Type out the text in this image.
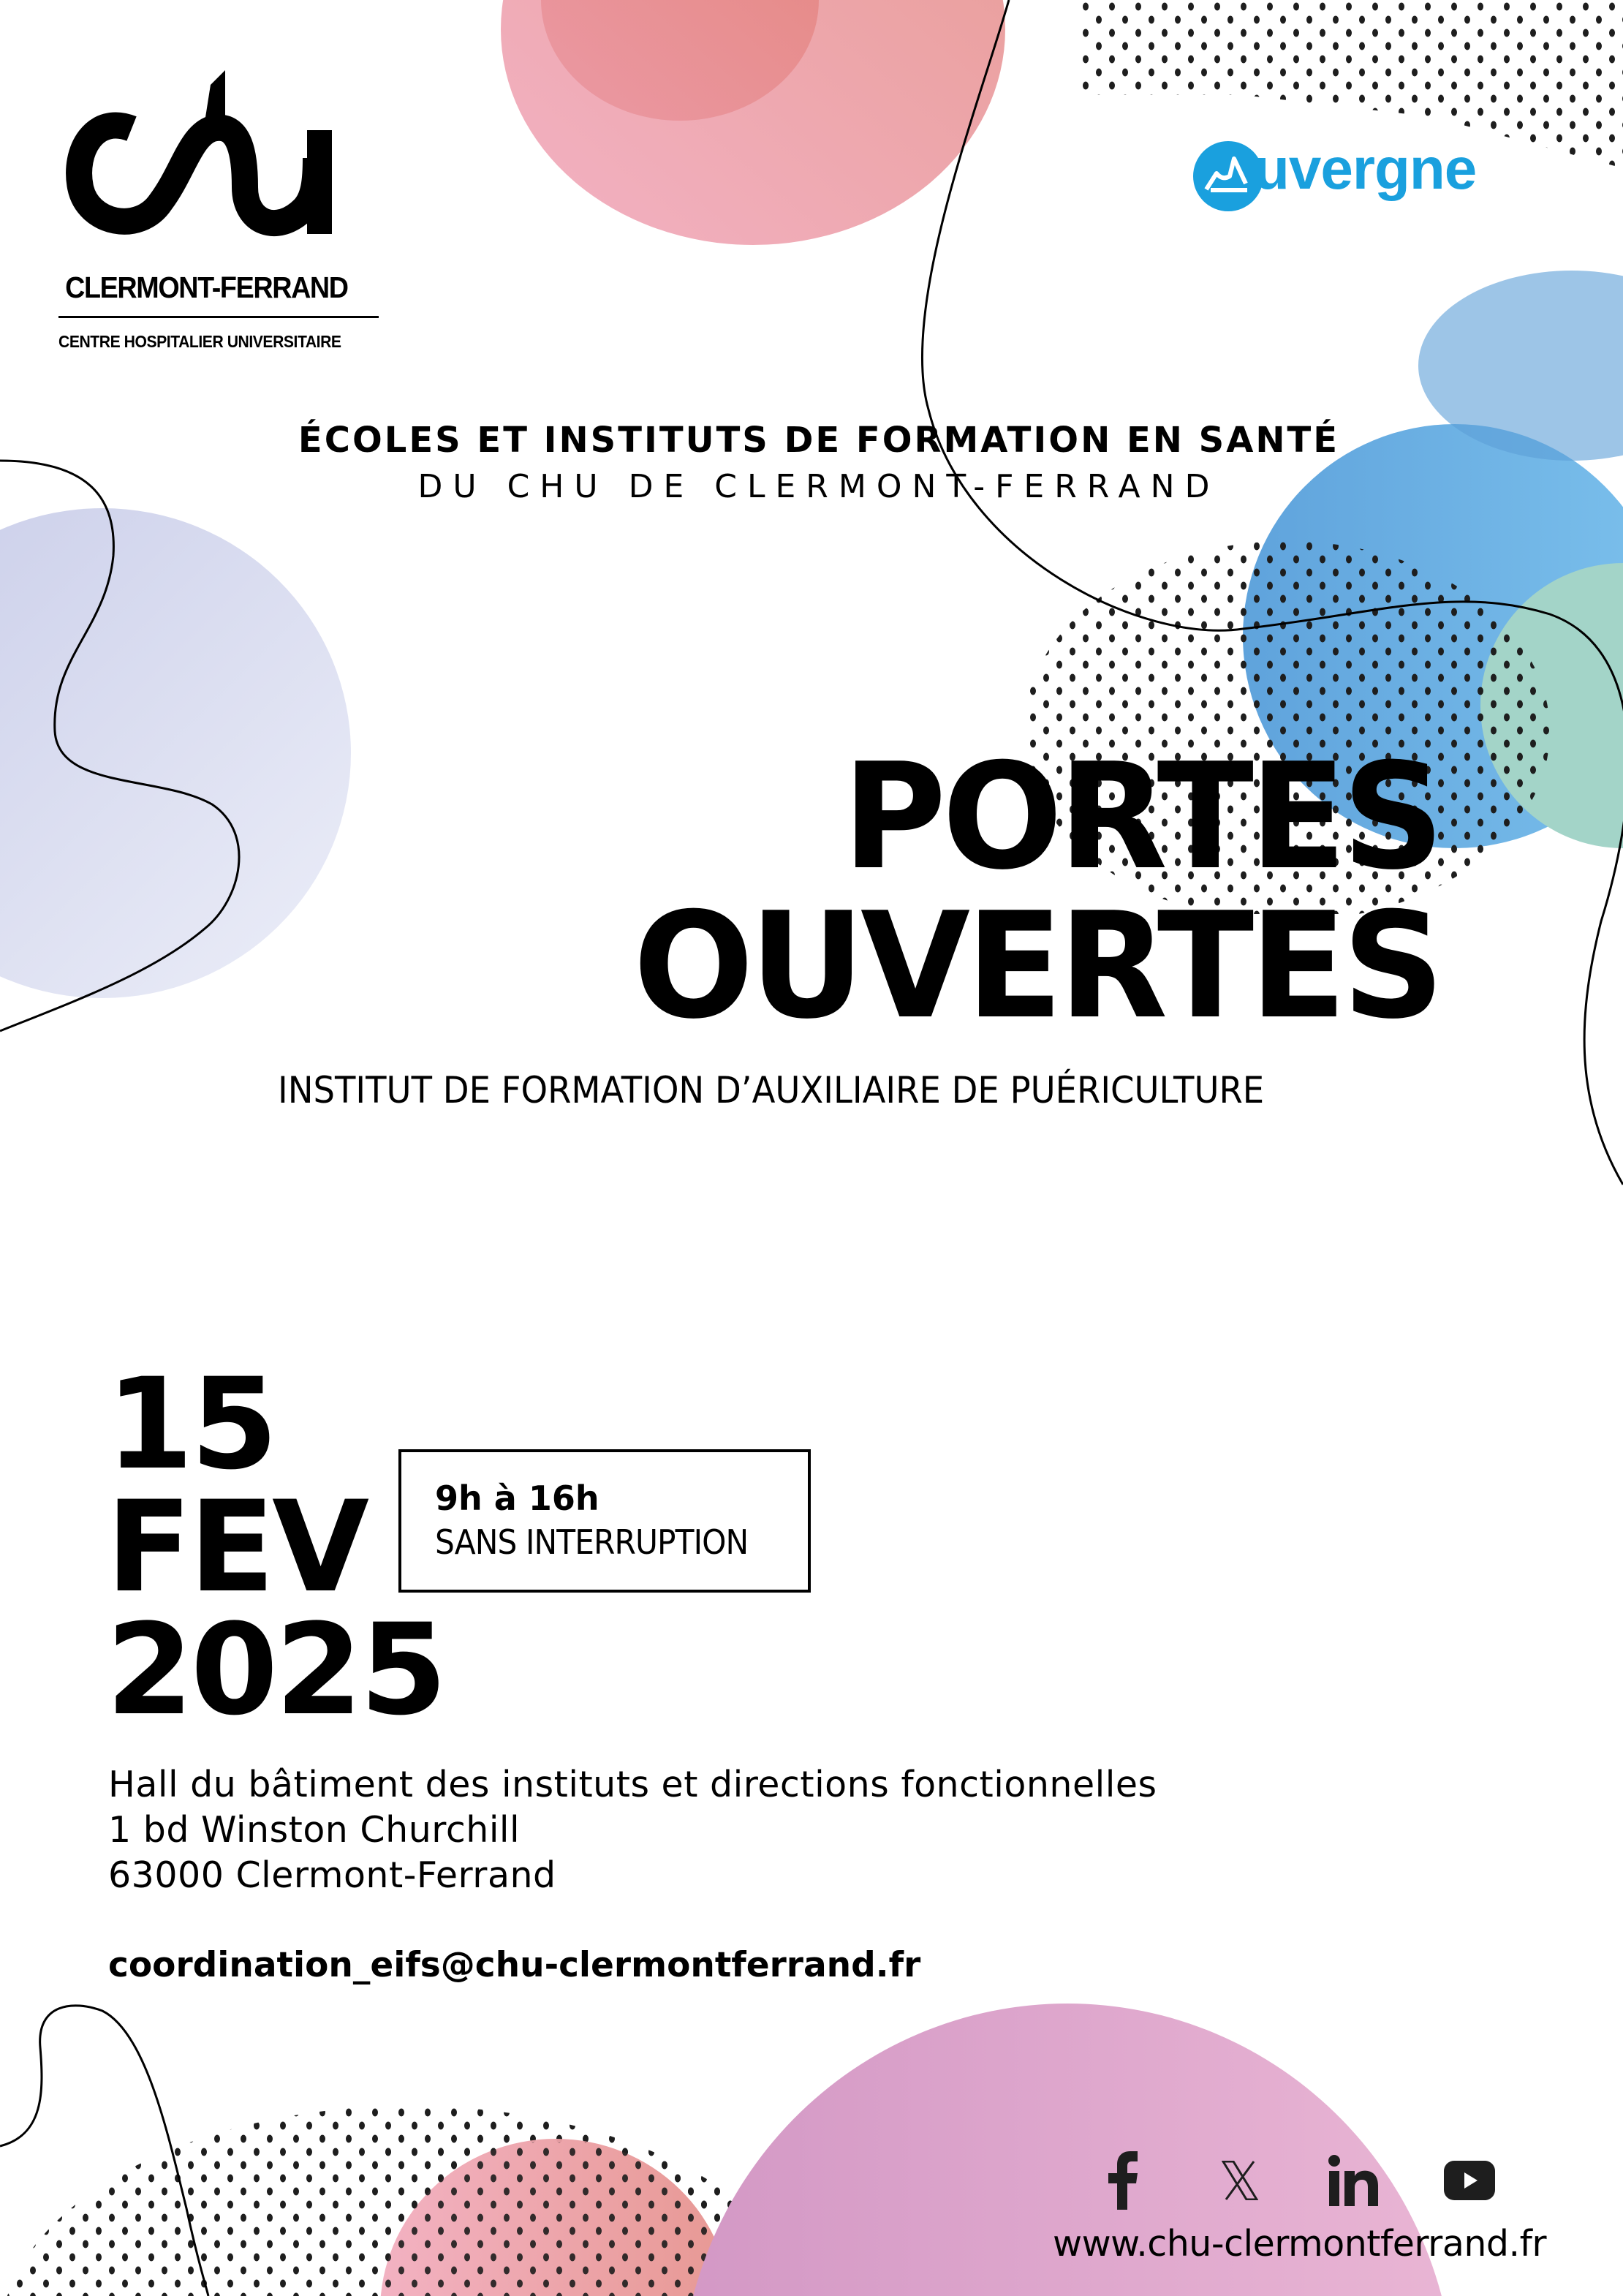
CLERMONT-FERRAND
CENTRE HOSPITALIER UNIVERSITAIRE
uvergne
ÉCOLES ET INSTITUTS DE FORMATION EN SANTÉ
DU CHU DE CLERMONT-FERRAND
PORTES
OUVERTES
INSTITUT DE FORMATION D’AUXILIAIRE DE PUÉRICULTURE
15
FEV
2025
9h à 16h
SANS INTERRUPTION
Hall du bâtiment des instituts et directions fonctionnelles
1 bd Winston Churchill
63000 Clermont-Ferrand
coordination_eifs@chu-clermontferrand.fr
www.chu-clermontferrand.fr
